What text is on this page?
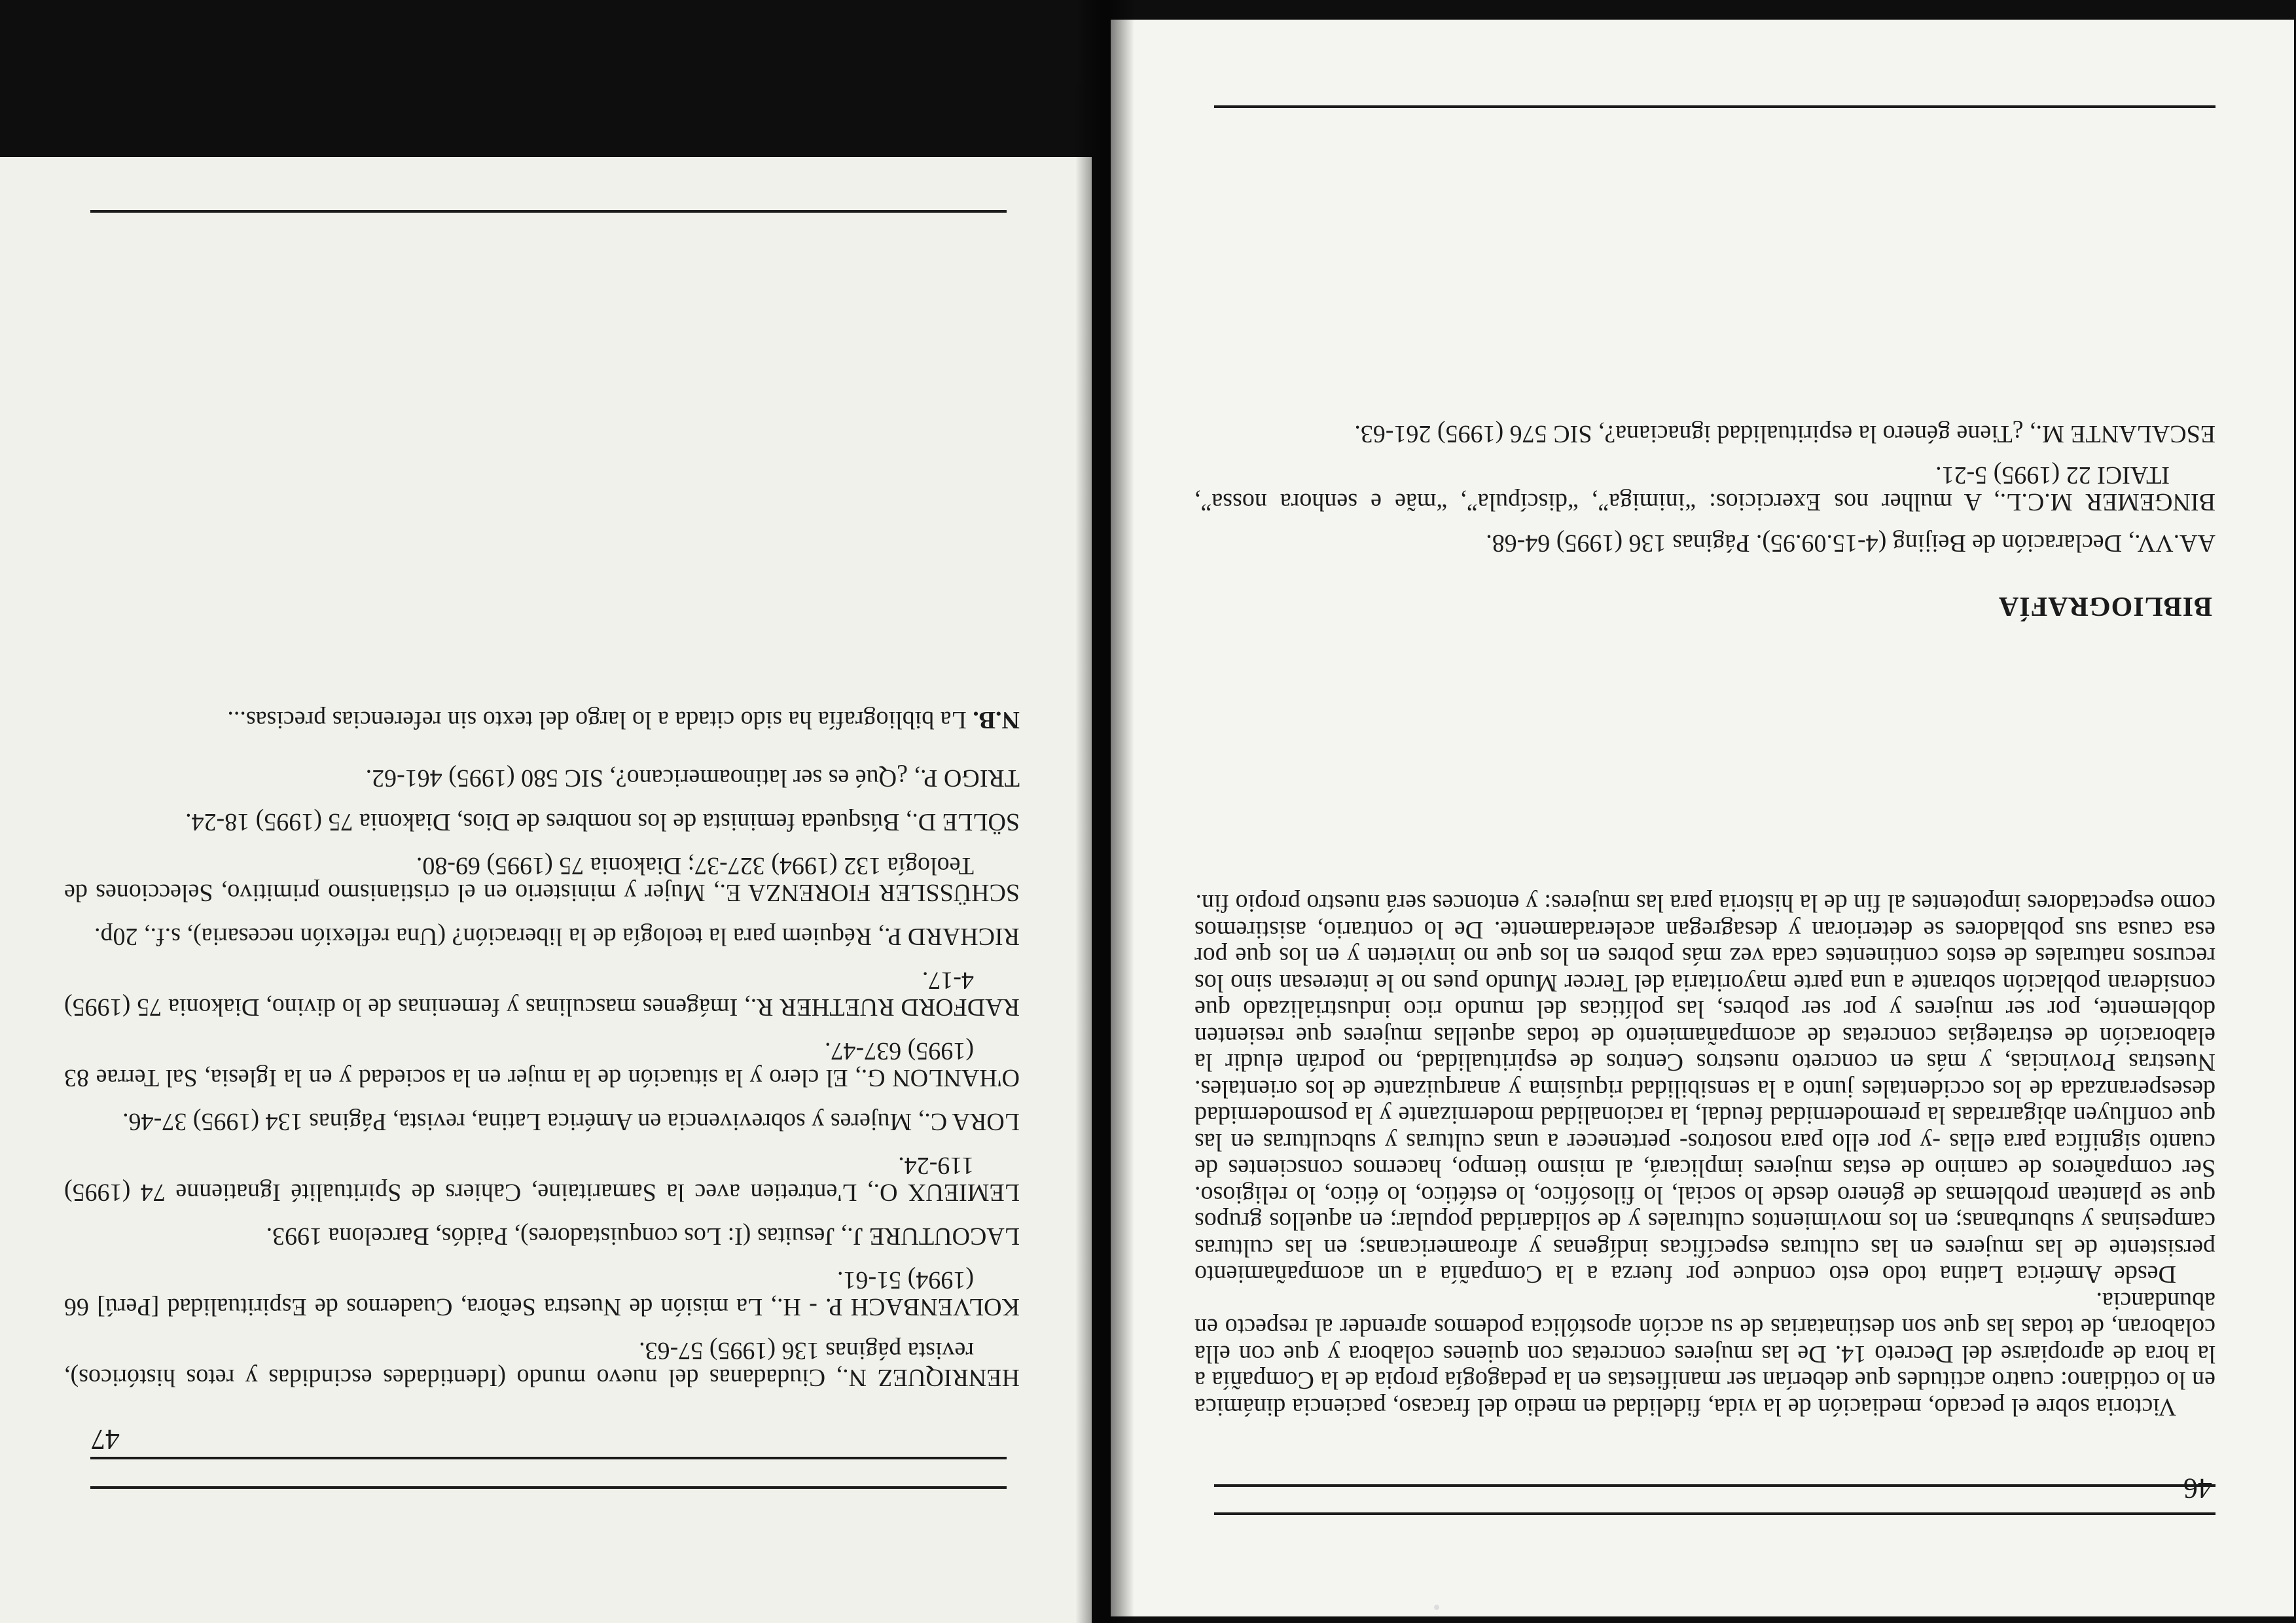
46

Victoria sobre el pecado, mediación de la vida, fidelidad en medio del fracaso, paciencia dinámica en lo cotidiano: cuatro actitudes que deberían ser manifiestas en la pedagogía propia de la Compañía a la hora de apropiarse del Decreto 14. De las mujeres concretas con quienes colabora y que con ella colaboran, de todas las que son destinatarias de su acción apostólica podemos aprender al respecto en abundancia.

Desde América Latina todo esto conduce por fuerza a la Compañía a un acompañamiento persistente de las mujeres en las culturas específicas indígenas y afroamericanas; en las culturas campesinas y suburbanas; en los movimientos culturales y de solidaridad popular; en aquellos grupos que se plantean problemas de género desde lo social, lo filosófico, lo estético, lo ético, lo religioso. Ser compañeros de camino de estas mujeres implicará, al mismo tiempo, hacernos conscientes de cuanto significa para ellas -y por ello para nosotros- pertenecer a unas culturas y subculturas en las que confluyen abigarradas la premodernidad feudal, la racionalidad modernizante y la posmodernidad desesperanzada de los occidentales junto a la sensibilidad riquísima y anarquizante de los orientales. Nuestras Provincias, y más en concreto nuestros Centros de espiritualidad, no podrán eludir la elaboración de estrategias concretas de acompañamiento de todas aquellas mujeres que resienten doblemente, por ser mujeres y por ser pobres, las políticas del mundo rico industrializado que consideran población sobrante a una parte mayoritaria del Tercer Mundo pues no le interesan sino los recursos naturales de estos continentes cada vez más pobres en los que no invierten y en los que por esa causa sus pobladores se deterioran y desagregan aceleradamente. De lo contrario, asistiremos como espectadores impotentes al fin de la historia para las mujeres: y entonces será nuestro propio fin.

BIBLIOGRAFÍA
AA.VV., Declaración de Beijing (4-15.09.95). Páginas 136 (1995) 64-68.
BINGEMER M.C.L., A mulher nos Exercicios: “inimiga”, “discípula”, “mãe e senhora nossa”, ITAICI 22 (1995) 5-21.
ESCALANTE M., ¿Tiene género la espiritualidad ignaciana?, SIC 576 (1995) 261-63.
47
HENRIQUEZ N., Ciudadanas del nuevo mundo (Identidades escindidas y retos históricos), revista páginas 136 (1995) 57-63.
KOLVENBACH P. - H., La misión de Nuestra Señora, Cuadernos de Espiritualidad [Perú] 66 (1994) 51-61.
LACOUTURE J., Jesuitas (I: Los conquistadores), Paidós, Barcelona 1993.
LEMIEUX O., L'entretien avec la Samaritaine, Cahiers de Spiritualité Ignatienne 74 (1995) 119-24.
LORA C., Mujeres y sobrevivencia en América Latina, revista, Páginas 134 (1995) 37-46.
O'HANLON G., El clero y la situación de la mujer en la sociedad y en la Iglesia, Sal Terrae 83 (1995) 637-47.
RADFORD RUETHER R., Imágenes masculinas y femeninas de lo divino, Diakonia 75 (1995) 4-17.
RICHARD P., Réquiem para la teología de la liberación? (Una reflexión necesaria), s.f., 20p.
SCHÜSSLER FIORENZA E., Mujer y ministerio en el cristianismo primitivo, Selecciones de Teología 132 (1994) 327-37; Diakonia 75 (1995) 69-80.
SÖLLE D., Búsqueda feminista de los nombres de Dios, Diakonia 75 (1995) 18-24.
TRIGO P., ¿Qué es ser latinoamericano?, SIC 580 (1995) 461-62.
N.B. La bibliografía ha sido citada a lo largo del texto sin referencias precisas...
